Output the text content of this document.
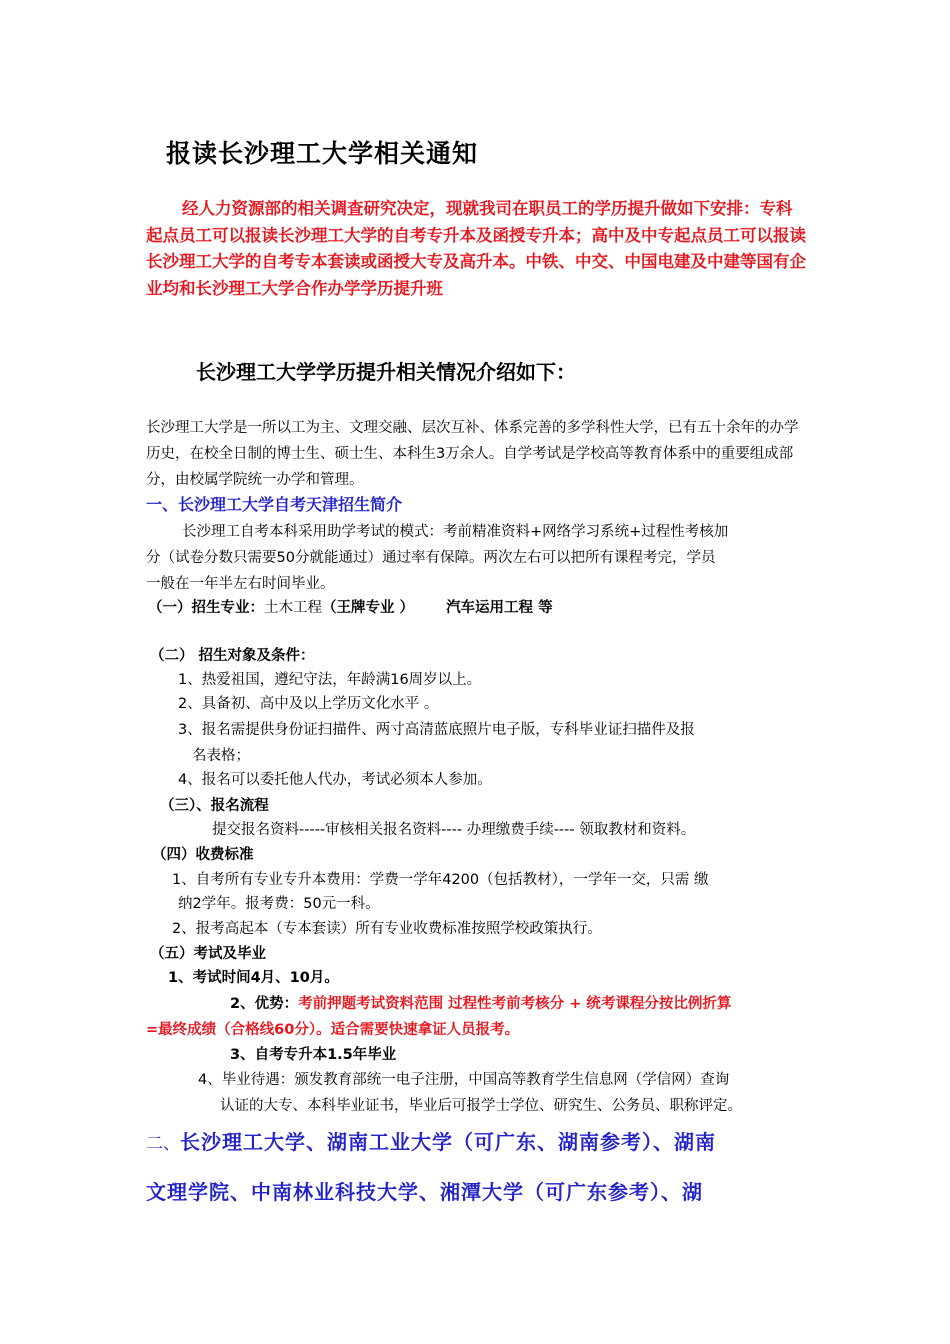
报读长沙理工大学相关通知
经人力资源部的相关调查研究决定，现就我司在职员工的学历提升做如下安排：专科起点员工可以报读长沙理工大学的自考专升本及函授专升本；高中及中专起点员工可以报读长沙理工大学的自考专本套读或函授大专及高升本。中铁、中交、中国电建及中建等国有企业均和长沙理工大学合作办学学历提升班
长沙理工大学学历提升相关情况介绍如下：
长沙理工大学是一所以工为主、文理交融、层次互补、体系完善的多学科性大学，已有五十余年的办学历史，在校全日制的博士生、硕士生、本科生3万余人。自学考试是学校高等教育体系中的重要组成部分，由校属学院统一办学和管理。
一、长沙理工大学自考天津招生简介
长沙理工自考本科采用助学考试的模式：考前精准资料+网络学习系统+过程性考核加
分（试卷分数只需要50分就能通过）通过率有保障。两次左右可以把所有课程考完，学员
一般在一年半左右时间毕业。
（一）招生专业：土木工程（王牌专业 ） 汽车运用工程 等
（二） 招生对象及条件：
1、热爱祖国，遵纪守法，年龄满16周岁以上。
2、具备初、高中及以上学历文化水平 。
3、报名需提供身份证扫描件、两寸高清蓝底照片电子版，专科毕业证扫描件及报
名表格；
4、报名可以委托他人代办，考试必须本人参加。
（三）、报名流程
提交报名资料-----审核相关报名资料---- 办理缴费手续---- 领取教材和资料。
（四）收费标准
1、自考所有专业专升本费用：学费一学年4200（包括教材），一学年一交，只需 缴
纳2学年。报考费：50元一科。
2、报考高起本（专本套读）所有专业收费标准按照学校政策执行。
（五）考试及毕业
1、考试时间4月、10月。
2、优势：考前押题考试资料范围 过程性考前考核分 + 统考课程分按比例折算
=最终成绩（合格线60分）。适合需要快速拿证人员报考。
3、自考专升本1.5年毕业
4、毕业待遇：颁发教育部统一电子注册，中国高等教育学生信息网（学信网）查询
认证的大专、本科毕业证书，毕业后可报学士学位、研究生、公务员、职称评定。
二、长沙理工大学、湖南工业大学（可广东、湖南参考）、湖南
文理学院、中南林业科技大学、湘潭大学（可广东参考）、湖
